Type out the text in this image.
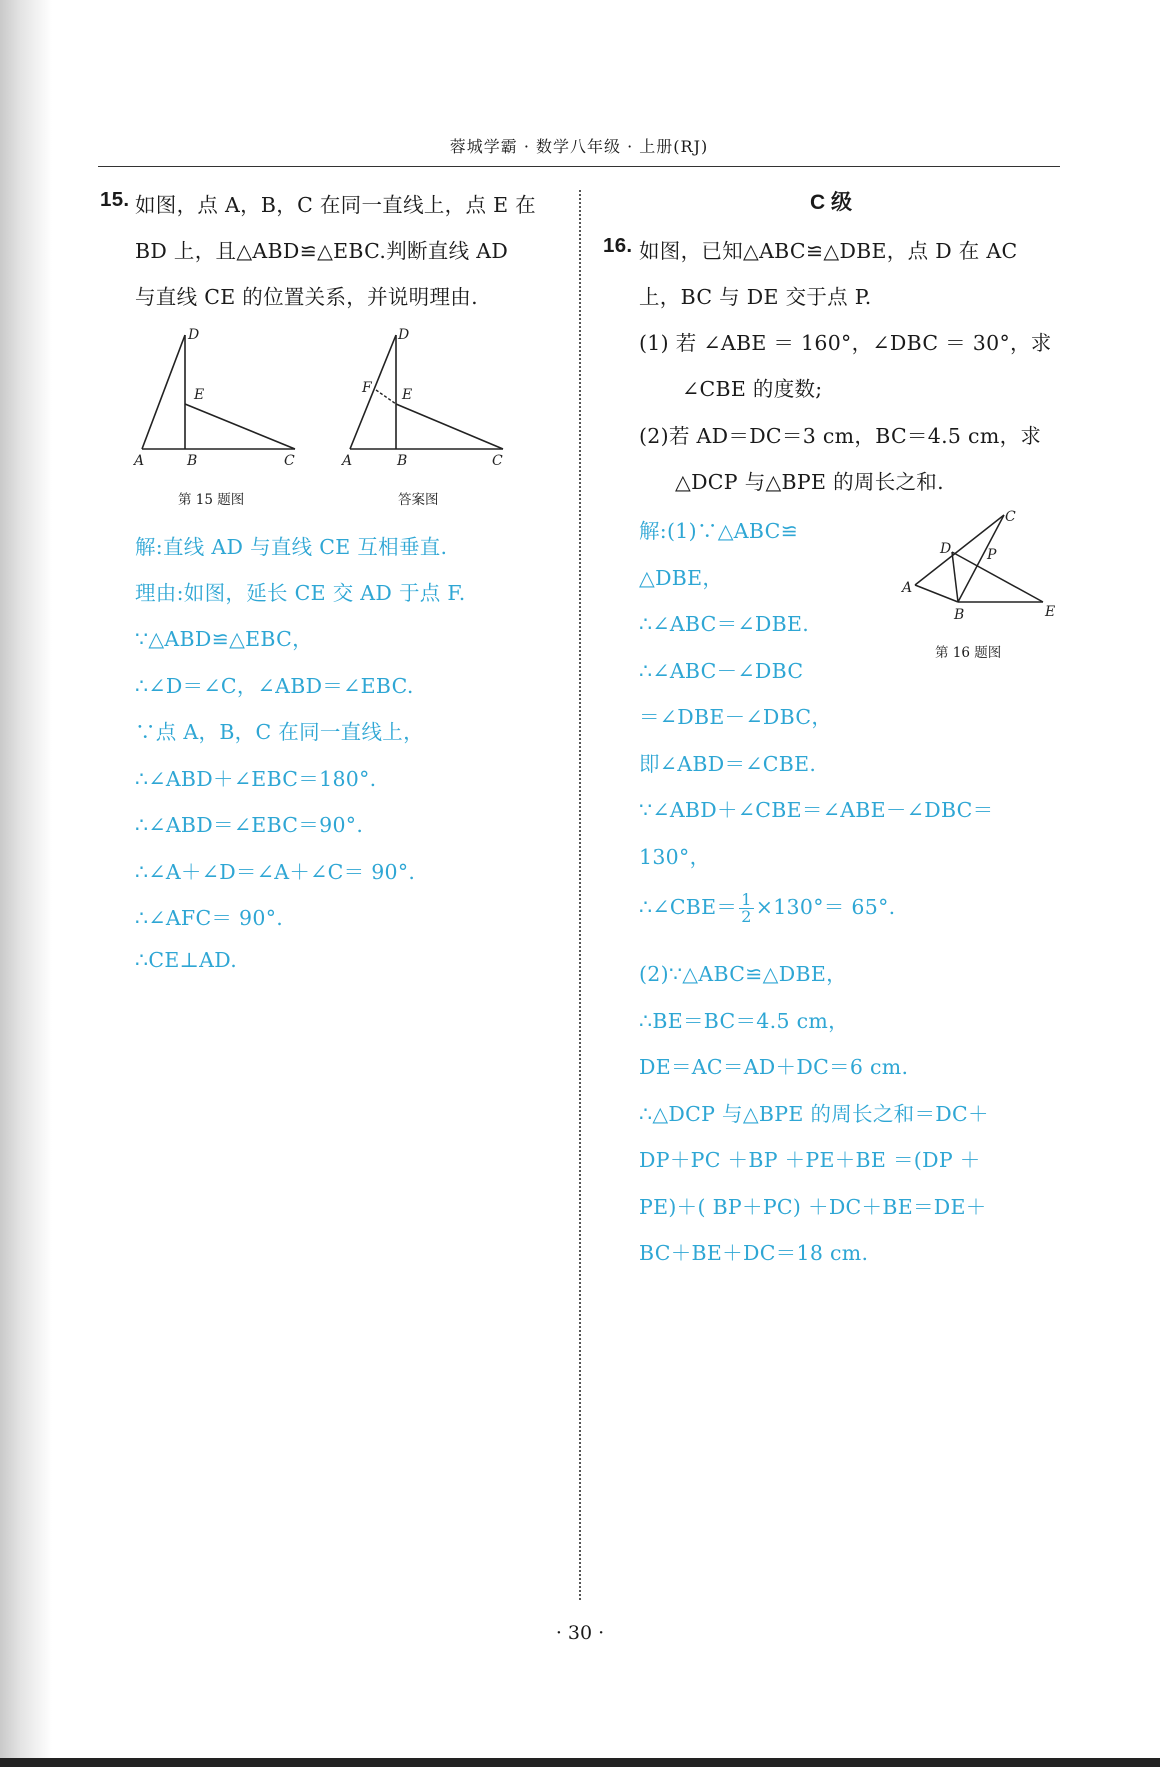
蓉城学霸 · 数学八年级 · 上册(RJ)
15. 如图，点 A，B，C 在同一直线上，点 E 在
BD 上，且△ABD≌△EBC.判断直线 AD
与直线 CE 的位置关系，并说明理由.
D
E
A	B	C
第 15 题图
D
F E
A	B	C
答案图
解:直线 AD 与直线 CE 互相垂直.
理由:如图，延长 CE 交 AD 于点 F.
∵△ABD≌△EBC，
∴∠D＝∠C，∠ABD＝∠EBC.
∵点 A，B，C 在同一直线上，
∴∠ABD＋∠EBC＝180°.
∴∠ABD＝∠EBC＝90°.
∴∠A＋∠D＝∠A＋∠C＝ 90°.
∴∠AFC＝ 90°.
∴CE⊥AD.
C 级
16. 如图，已知△ABC≌△DBE，点 D 在 AC
上，BC 与 DE 交于点 P.
(1) 若 ∠ABE ＝ 160°，∠DBC ＝ 30°，求
∠CBE 的度数;
(2)若 AD＝DC＝3 cm，BC＝4.5 cm，求
△DCP 与△BPE 的周长之和.
C
D	P
A
B	E
第 16 题图
解:(1)∵△ABC≌
△DBE，
∴∠ABC＝∠DBE.
∴∠ABC－∠DBC
＝∠DBE－∠DBC，
即∠ABD＝∠CBE.
∵∠ABD＋∠CBE＝∠ABE－∠DBC＝
130°，
∴∠CBE＝ $\frac{1}{2} \times 130^\circ= 65^\circ$.
(2)∵△ABC≌△DBE，
∴BE＝BC＝4.5 cm，
DE＝AC＝AD＋DC＝6 cm.
∴△DCP 与△BPE 的周长之和＝DC＋
DP＋PC ＋BP ＋PE＋BE ＝(DP ＋
PE)＋( BP＋PC) ＋DC＋BE＝DE＋
BC＋BE＋DC＝18 cm.
· 30 ·
